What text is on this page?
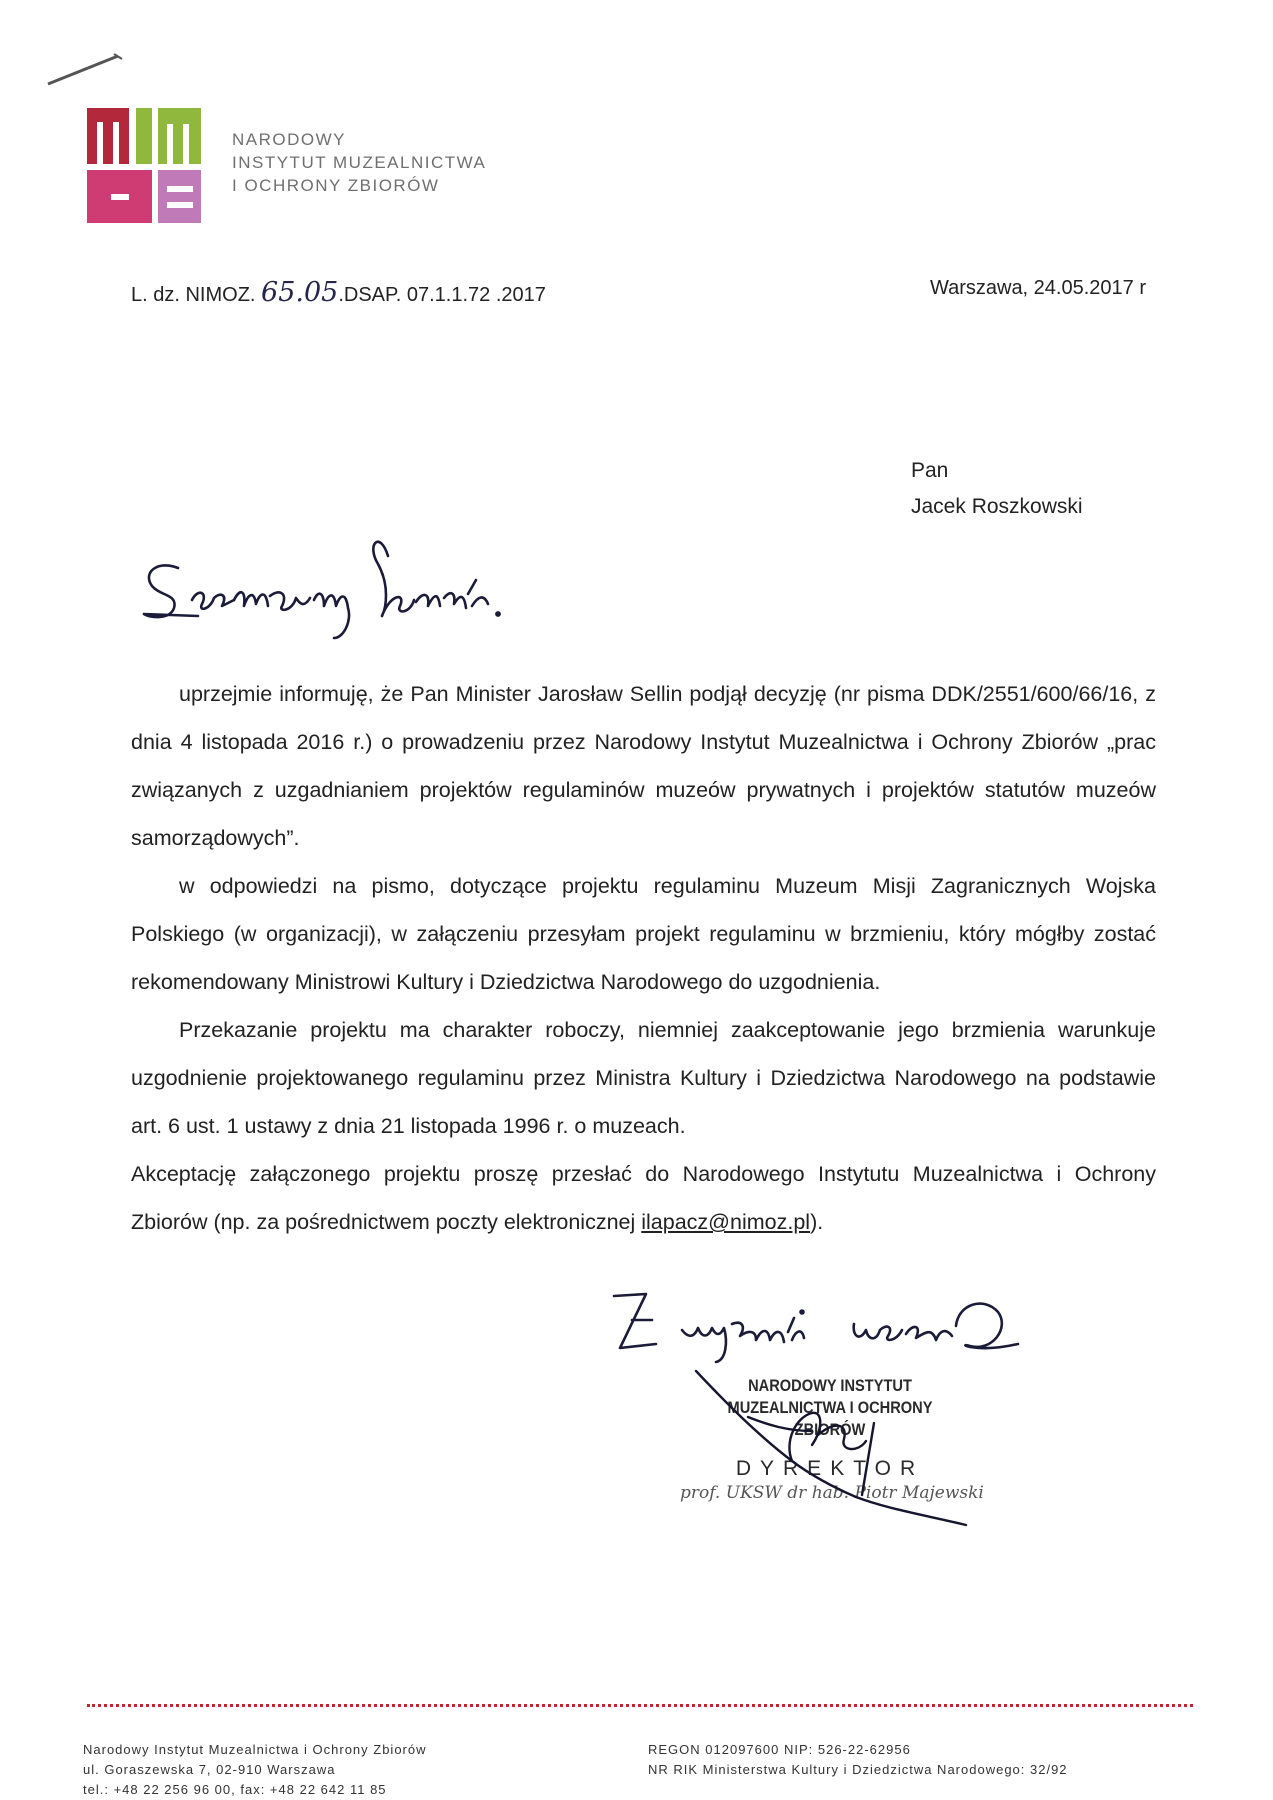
NARODOWY
INSTYTUT MUZEALNICTWA
I OCHRONY ZBIORÓW
L. dz. NIMOZ. 65.05.DSAP. 07.1.1.72 .2017	Warszawa, 24.05.2017 r
Pan
Jacek Roszkowski

uprzejmie informuję, że Pan Minister Jarosław Sellin podjął decyzję (nr pisma DDK/2551/600/66/16, z dnia 4 listopada 2016 r.) o prowadzeniu przez Narodowy Instytut Muzealnictwa i Ochrony Zbiorów „prac związanych z uzgadnianiem projektów regulaminów muzeów prywatnych i projektów statutów muzeów samorządowych”.

w odpowiedzi na pismo, dotyczące projektu regulaminu Muzeum Misji Zagranicznych Wojska Polskiego (w organizacji), w załączeniu przesyłam projekt regulaminu w brzmieniu, który mógłby zostać rekomendowany Ministrowi Kultury i Dziedzictwa Narodowego do uzgodnienia.

Przekazanie projektu ma charakter roboczy, niemniej zaakceptowanie jego brzmienia warunkuje uzgodnienie projektowanego regulaminu przez Ministra Kultury i Dziedzictwa Narodowego na podstawie art. 6 ust. 1 ustawy z dnia 21 listopada 1996 r. o muzeach.

Akceptację załączonego projektu proszę przesłać do Narodowego Instytutu Muzealnictwa i Ochrony Zbiorów (np. za pośrednictwem poczty elektronicznej ilapacz@nimoz.pl).

NARODOWY INSTYTUT
MUZEALNICTWA I OCHRONY ZBIORÓW
DYREKTOR
prof. UKSW dr hab. Piotr Majewski
Narodowy Instytut Muzealnictwa i Ochrony Zbiorów
ul. Goraszewska 7, 02-910 Warszawa
tel.: +48 22 256 96 00, fax: +48 22 642 11 85
REGON 012097600 NIP: 526-22-62956
NR RIK Ministerstwa Kultury i Dziedzictwa Narodowego: 32/92
